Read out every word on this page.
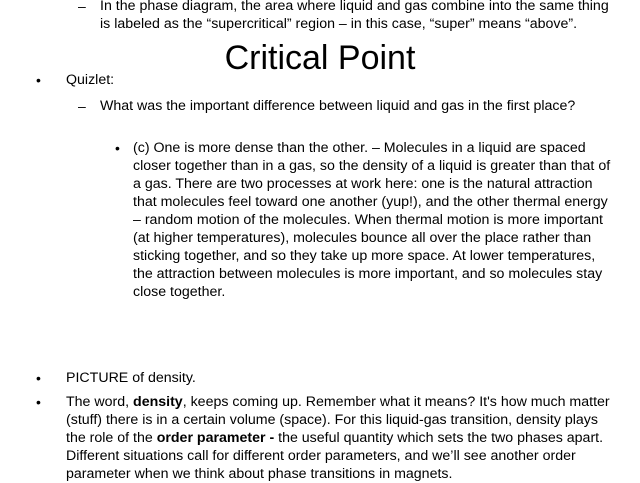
– In the phase diagram, the area where liquid and gas combine into the same thing is labeled as the “supercritical” region – in this case, “super” means “above”.
Critical Point
• Quizlet:
– What was the important difference between liquid and gas in the first place?
• (c) One is more dense than the other. – Molecules in a liquid are spaced closer together than in a gas, so the density of a liquid is greater than that of a gas. There are two processes at work here: one is the natural attraction that molecules feel toward one another (yup!), and the other thermal energy – random motion of the molecules. When thermal motion is more important (at higher temperatures), molecules bounce all over the place rather than sticking together, and so they take up more space. At lower temperatures, the attraction between molecules is more important, and so molecules stay close together.
• PICTURE of density.
• The word, density, keeps coming up. Remember what it means? It's how much matter (stuff) there is in a certain volume (space). For this liquid-gas transition, density plays the role of the order parameter - the useful quantity which sets the two phases apart. Different situations call for different order parameters, and we’ll see another order parameter when we think about phase transitions in magnets.
